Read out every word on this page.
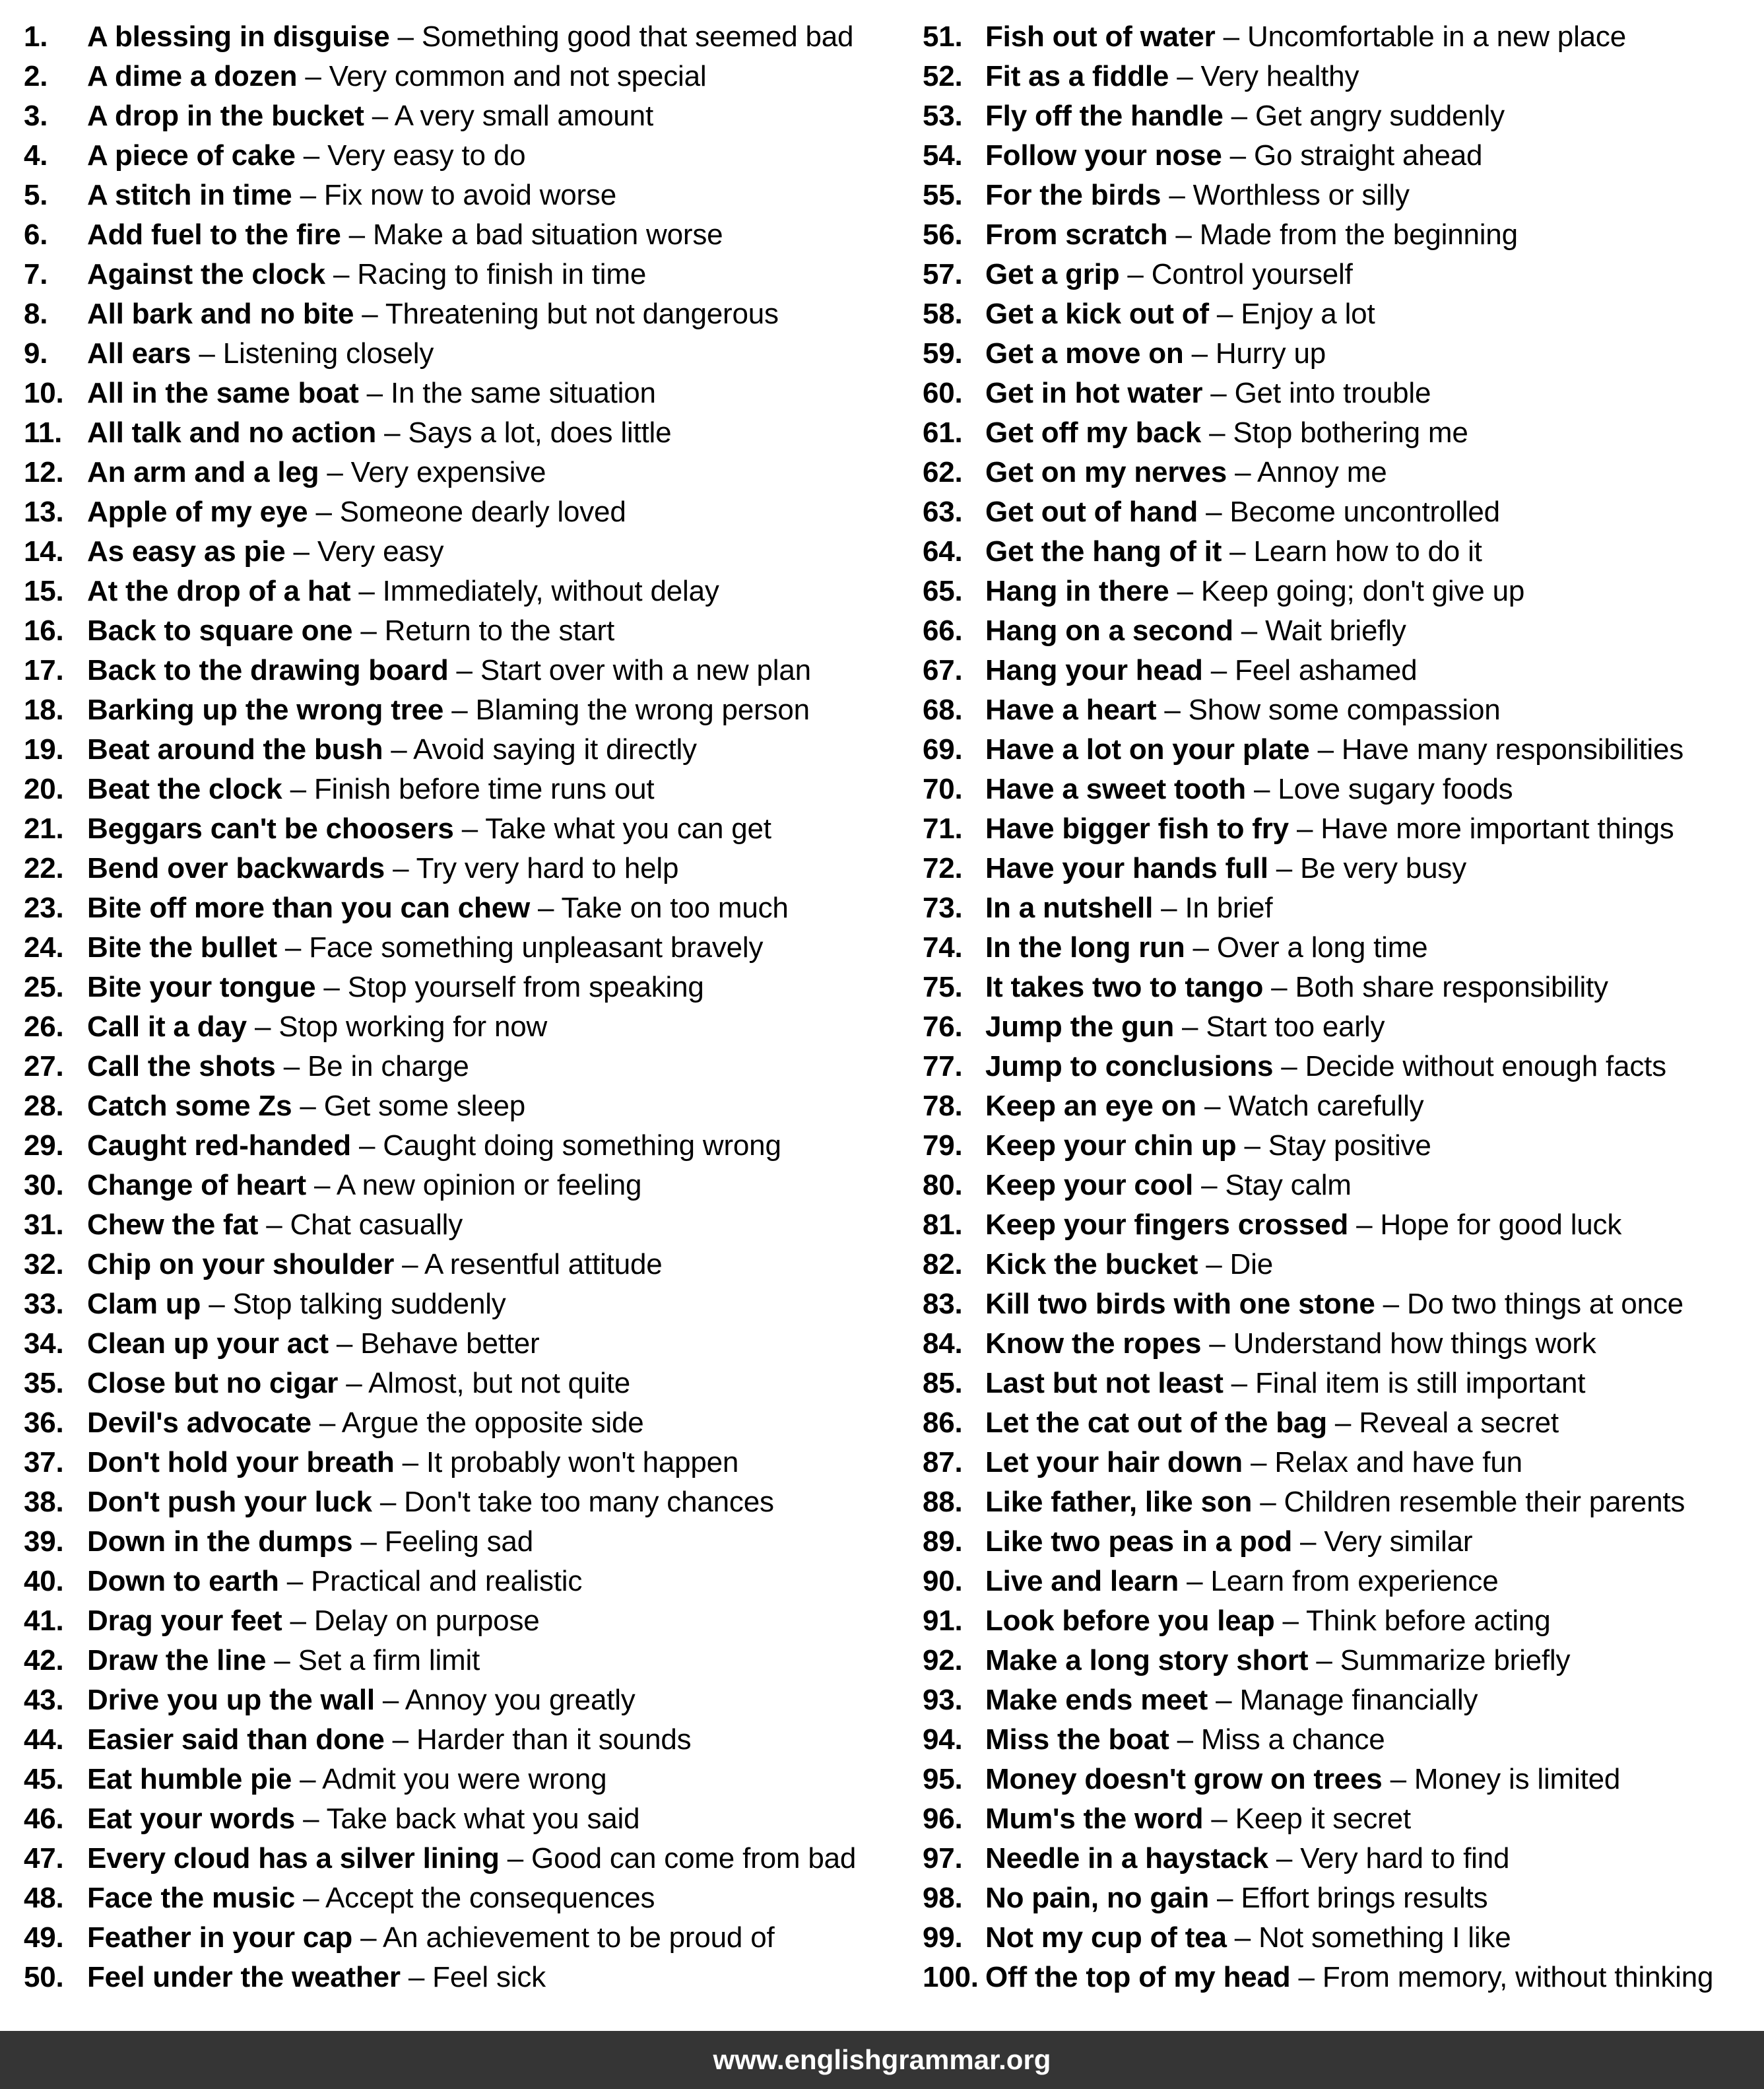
1. A blessing in disguise – Something good that seemed bad
2. A dime a dozen – Very common and not special
3. A drop in the bucket – A very small amount
4. A piece of cake – Very easy to do
5. A stitch in time – Fix now to avoid worse
6. Add fuel to the fire – Make a bad situation worse
7. Against the clock – Racing to finish in time
8. All bark and no bite – Threatening but not dangerous
9. All ears – Listening closely
10. All in the same boat – In the same situation
11. All talk and no action – Says a lot, does little
12. An arm and a leg – Very expensive
13. Apple of my eye – Someone dearly loved
14. As easy as pie – Very easy
15. At the drop of a hat – Immediately, without delay
16. Back to square one – Return to the start
17. Back to the drawing board – Start over with a new plan
18. Barking up the wrong tree – Blaming the wrong person
19. Beat around the bush – Avoid saying it directly
20. Beat the clock – Finish before time runs out
21. Beggars can't be choosers – Take what you can get
22. Bend over backwards – Try very hard to help
23. Bite off more than you can chew – Take on too much
24. Bite the bullet – Face something unpleasant bravely
25. Bite your tongue – Stop yourself from speaking
26. Call it a day – Stop working for now
27. Call the shots – Be in charge
28. Catch some Zs – Get some sleep
29. Caught red-handed – Caught doing something wrong
30. Change of heart – A new opinion or feeling
31. Chew the fat – Chat casually
32. Chip on your shoulder – A resentful attitude
33. Clam up – Stop talking suddenly
34. Clean up your act – Behave better
35. Close but no cigar – Almost, but not quite
36. Devil's advocate – Argue the opposite side
37. Don't hold your breath – It probably won't happen
38. Don't push your luck – Don't take too many chances
39. Down in the dumps – Feeling sad
40. Down to earth – Practical and realistic
41. Drag your feet – Delay on purpose
42. Draw the line – Set a firm limit
43. Drive you up the wall – Annoy you greatly
44. Easier said than done – Harder than it sounds
45. Eat humble pie – Admit you were wrong
46. Eat your words – Take back what you said
47. Every cloud has a silver lining – Good can come from bad
48. Face the music – Accept the consequences
49. Feather in your cap – An achievement to be proud of
50. Feel under the weather – Feel sick
51. Fish out of water – Uncomfortable in a new place
52. Fit as a fiddle – Very healthy
53. Fly off the handle – Get angry suddenly
54. Follow your nose – Go straight ahead
55. For the birds – Worthless or silly
56. From scratch – Made from the beginning
57. Get a grip – Control yourself
58. Get a kick out of – Enjoy a lot
59. Get a move on – Hurry up
60. Get in hot water – Get into trouble
61. Get off my back – Stop bothering me
62. Get on my nerves – Annoy me
63. Get out of hand – Become uncontrolled
64. Get the hang of it – Learn how to do it
65. Hang in there – Keep going; don't give up
66. Hang on a second – Wait briefly
67. Hang your head – Feel ashamed
68. Have a heart – Show some compassion
69. Have a lot on your plate – Have many responsibilities
70. Have a sweet tooth – Love sugary foods
71. Have bigger fish to fry – Have more important things
72. Have your hands full – Be very busy
73. In a nutshell – In brief
74. In the long run – Over a long time
75. It takes two to tango – Both share responsibility
76. Jump the gun – Start too early
77. Jump to conclusions – Decide without enough facts
78. Keep an eye on – Watch carefully
79. Keep your chin up – Stay positive
80. Keep your cool – Stay calm
81. Keep your fingers crossed – Hope for good luck
82. Kick the bucket – Die
83. Kill two birds with one stone – Do two things at once
84. Know the ropes – Understand how things work
85. Last but not least – Final item is still important
86. Let the cat out of the bag – Reveal a secret
87. Let your hair down – Relax and have fun
88. Like father, like son – Children resemble their parents
89. Like two peas in a pod – Very similar
90. Live and learn – Learn from experience
91. Look before you leap – Think before acting
92. Make a long story short – Summarize briefly
93. Make ends meet – Manage financially
94. Miss the boat – Miss a chance
95. Money doesn't grow on trees – Money is limited
96. Mum's the word – Keep it secret
97. Needle in a haystack – Very hard to find
98. No pain, no gain – Effort brings results
99. Not my cup of tea – Not something I like
100. Off the top of my head – From memory, without thinking
www.englishgrammar.org
